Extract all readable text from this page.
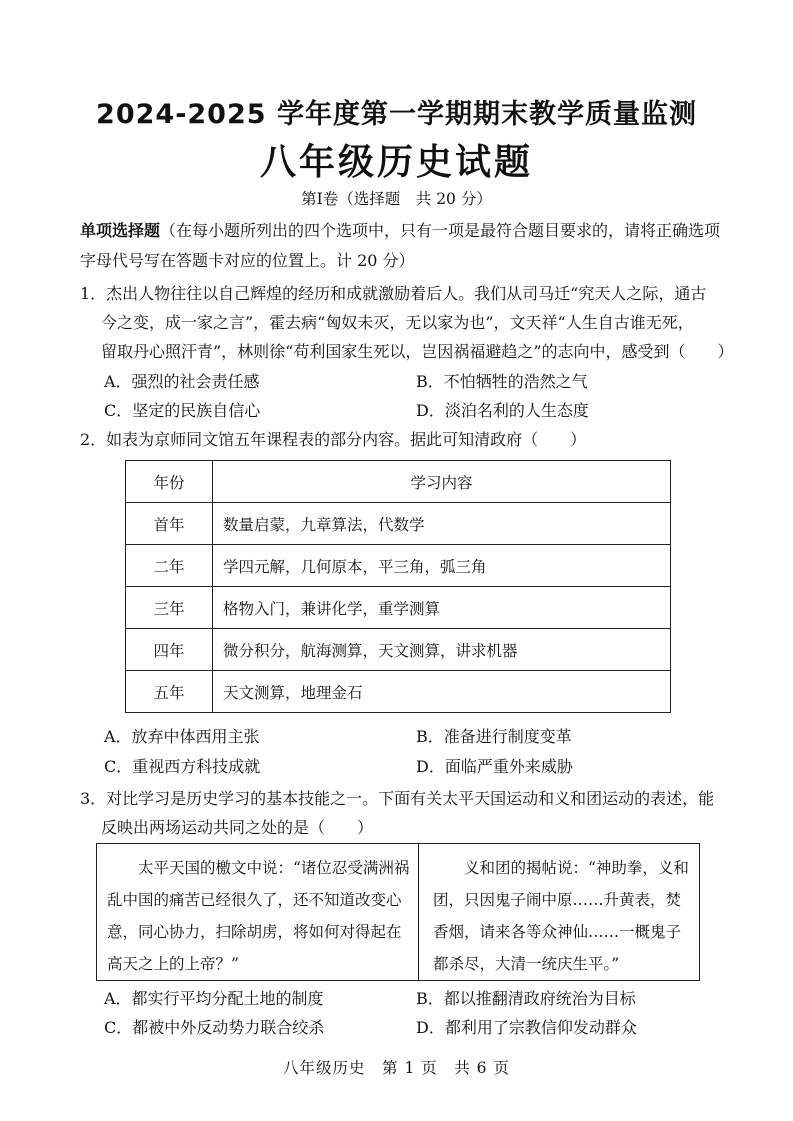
2024-2025 学年度第一学期期末教学质量监测
八年级历史试题
第Ⅰ卷（选择题　共 20 分）
单项选择题（在每小题所列出的四个选项中，只有一项是最符合题目要求的，请将正确选项
字母代号写在答题卡对应的位置上。计 20 分）
1．杰出人物往往以自己辉煌的经历和成就激励着后人。我们从司马迁“究天人之际，通古
今之变，成一家之言”，霍去病“匈奴未灭，无以家为也”，文天祥“人生自古谁无死，
留取丹心照汗青”，林则徐“苟利国家生死以，岂因祸福避趋之”的志向中，感受到（　　）
A．强烈的社会责任感	B．不怕牺牲的浩然之气
C．坚定的民族自信心	D．淡泊名利的人生态度
2．如表为京师同文馆五年课程表的部分内容。据此可知清政府（　　）
年份	学习内容
首年	数量启蒙，九章算法，代数学
二年	学四元解，几何原本，平三角，弧三角
三年	格物入门，兼讲化学，重学测算
四年	微分积分，航海测算，天文测算，讲求机器
五年	天文测算，地理金石
A．放弃中体西用主张	B．准备进行制度变革
C．重视西方科技成就	D．面临严重外来威胁
3．对比学习是历史学习的基本技能之一。下面有关太平天国运动和义和团运动的表述，能
反映出两场运动共同之处的是（　　）
　　太平天国的檄文中说：“诸位忍受满洲祸
乱中国的痛苦已经很久了，还不知道改变心
意，同心协力，扫除胡虏，将如何对得起在
高天之上的上帝？”
　　义和团的揭帖说：“神助拳，义和
团，只因鬼子闹中原……升黄表，焚
香烟，请来各等众神仙……一概鬼子
都杀尽，大清一统庆生平。”
A．都实行平均分配土地的制度	B．都以推翻清政府统治为目标
C．都被中外反动势力联合绞杀	D．都利用了宗教信仰发动群众
八年级历史　第 1 页　共 6 页
